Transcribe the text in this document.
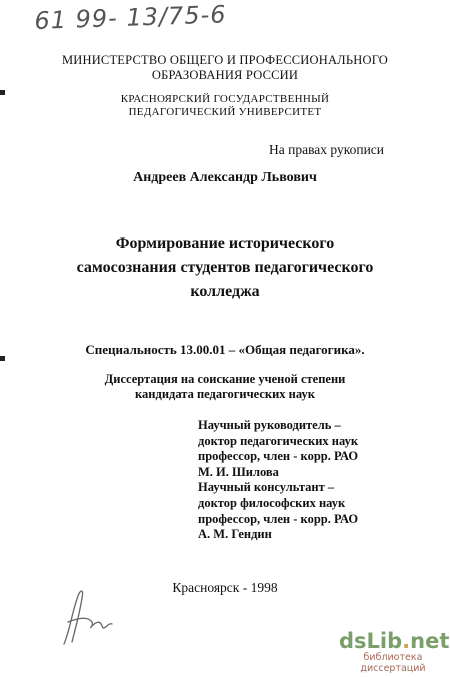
61 99- 13/75-6
МИНИСТЕРСТВО ОБЩЕГО И ПРОФЕССИОНАЛЬНОГО
ОБРАЗОВАНИЯ РОССИИ
КРАСНОЯРСКИЙ ГОСУДАРСТВЕННЫЙ
ПЕДАГОГИЧЕСКИЙ УНИВЕРСИТЕТ
На правах рукописи
Андреев Александр Львович
Формирование исторического
самосознания студентов педагогического
колледжа
Специальность 13.00.01 – «Общая педагогика».
Диссертация на соискание ученой степени
кандидата педагогических наук
Научный руководитель –
доктор педагогических наук
профессор, член - корр. РАО
М. И. Шилова
Научный консультант –
доктор философских наук
профессор, член - корр. РАО
А. М. Гендин
Красноярск - 1998
dsLib.net
библиотека диссертаций
